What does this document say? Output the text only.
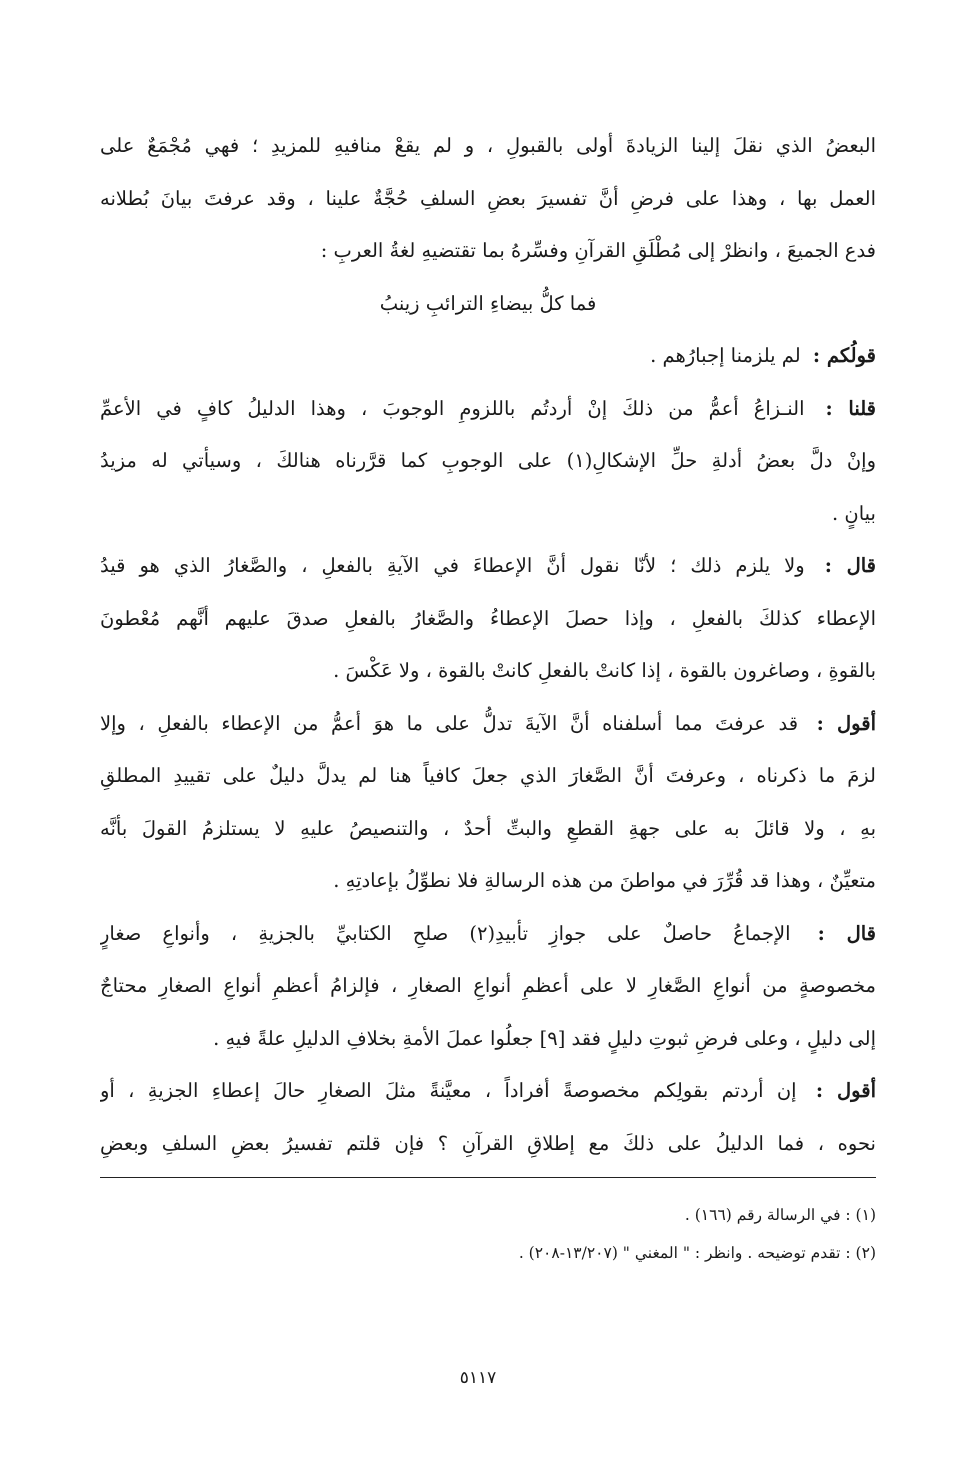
البعضُ الذي نقلَ إلينا الزيادةَ أولى بالقبولِ ، و لم يقعْ منافيهِ للمزيدِ ؛ فهي مُجْمَعٌ على
العمل بها ، وهذا على فرضِ أنَّ تفسيرَ بعضِ السلفِ حُجَّةٌ علينا ، وقد عرفتَ بيانَ بُطلانه
فدع الجميعَ ، وانظرْ إلى مُطْلَقِ القرآنِ وفسِّرهُ بما تقتضيهِ لغةُ العربِ :
فما كلُّ بيضاءِ الترائبِ زينبُ
قولُكم : لم يلزمنا إجبارُهم .
قلنا : النـزاعُ أعمُّ من ذلكَ إنْ أردتُم باللزومِ الوجوبَ ، وهذا الدليلُ كافٍ في الأعمِّ
وإنْ دلَّ بعضُ أدلةِ حلِّ الإشكالِ(١) على الوجوبِ كما قرَّرناه هنالكَ ، وسيأتي له مزيدُ
بيانٍ .
قال : ولا يلزم ذلك ؛ لأنّا نقول أنَّ الإعطاءَ في الآيةِ بالفعلِ ، والصَّغارُ الذي هو قيدُ
الإعطاء كذلكَ بالفعلِ ، وإذا حصلَ الإعطاءُ والصَّغارُ بالفعلِ صدقَ عليهم أنَّهم مُعْطونَ
بالقوةِ ، وصاغرون بالقوة ، إذا كانتْ بالفعلِ كانتْ بالقوة ، ولا عَكْسَ .
أقول : قد عرفتَ مما أسلفناه أنَّ الآيةَ تدلُّ على ما هوَ أعمُّ من الإعطاء بالفعلِ ، وإلا
لزمَ ما ذكرناه ، وعرفتَ أنَّ الصَّغارَ الذي جعلَ كافياً هنا لم يدلَّ دليلٌ على تقييدِ المطلقِ
بهِ ، ولا قائلَ به على جهةِ القطعِ والبتِّ أحدٌ ، والتنصيصُ عليهِ لا يستلزمُ القولَ بأنَّه
متعيِّنٌ ، وهذا قد قُرِّرَ في مواطنَ من هذه الرسالةِ فلا نطوِّلُ بإعادتِهِ .
قال : الإجماعُ حاصلٌ على جوازِ تأبيدِ(٢) صلحِ الكتابيِّ بالجزيةِ ، وأنواعِ صغارٍ
مخصوصةٍ من أنواعِ الصَّغارِ لا على أعظمِ أنواعِ الصغارِ ، فإلزامُ أعظمِ أنواعِ الصغارِ محتاجٌ
إلى دليلٍ ، وعلى فرضِ ثبوتِ دليلٍ فقد [٩] جعلُوا عملَ الأمةِ بخلافِ الدليلِ علةً فيهِ .
أقول : إن أردتم بقولِكم مخصوصةً أفراداً ، معيَّنةً مثلَ الصغارِ حالَ إعطاءِ الجزيةِ ، أو
نحوه ، فما الدليلُ على ذلكَ مع إطلاقِ القرآنِ ؟ فإن قلتم تفسيرُ بعضِ السلفِ وبعضِ
(١) : في الرسالة رقم (١٦٦) .
(٢) : تقدم توضيحه . وانظر : " المغني " (١٣/٢٠٧-٢٠٨) .
٥١١٧
